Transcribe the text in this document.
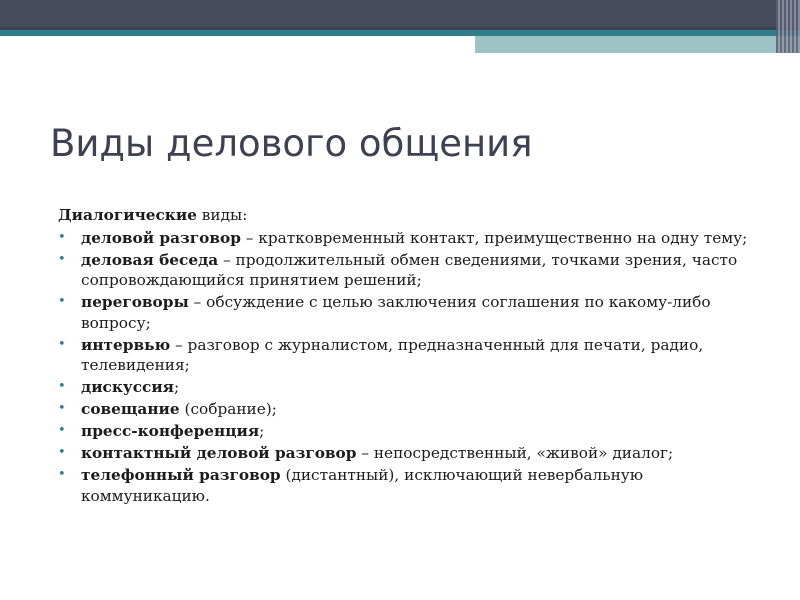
Виды делового общения

Диалогические виды:

• деловой разговор – кратковременный контакт, преимущественно на одну тему;
• деловая беседа – продолжительный обмен сведениями, точками зрения, часто сопровождающийся принятием решений;
• переговоры – обсуждение с целью заключения соглашения по какому-либо вопросу;
• интервью – разговор с журналистом, предназначенный для печати, радио, телевидения;
• дискуссия;
• совещание (собрание);
• пресс-конференция;
• контактный деловой разговор – непосредственный, «живой» диалог;
• телефонный разговор (дистантный), исключающий невербальную коммуникацию.
